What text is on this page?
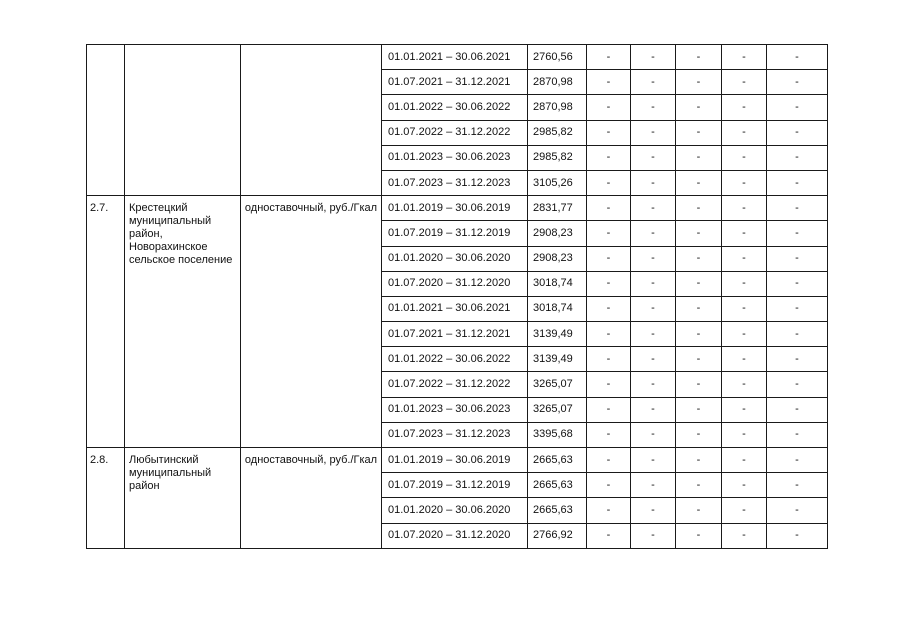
			01.01.2021 – 30.06.2021	2760,56	-	-	-	-	-
			01.07.2021 – 31.12.2021	2870,98	-	-	-	-	-
			01.01.2022 – 30.06.2022	2870,98	-	-	-	-	-
			01.07.2022 – 31.12.2022	2985,82	-	-	-	-	-
			01.01.2023 – 30.06.2023	2985,82	-	-	-	-	-
			01.07.2023 – 31.12.2023	3105,26	-	-	-	-	-
2.7.	Крестецкий муниципальный район, Новорахинское сельское поселение	одноставочный, руб./Гкал	01.01.2019 – 30.06.2019	2831,77	-	-	-	-	-
			01.07.2019 – 31.12.2019	2908,23	-	-	-	-	-
			01.01.2020 – 30.06.2020	2908,23	-	-	-	-	-
			01.07.2020 – 31.12.2020	3018,74	-	-	-	-	-
			01.01.2021 – 30.06.2021	3018,74	-	-	-	-	-
			01.07.2021 – 31.12.2021	3139,49	-	-	-	-	-
			01.01.2022 – 30.06.2022	3139,49	-	-	-	-	-
			01.07.2022 – 31.12.2022	3265,07	-	-	-	-	-
			01.01.2023 – 30.06.2023	3265,07	-	-	-	-	-
			01.07.2023 – 31.12.2023	3395,68	-	-	-	-	-
2.8.	Любытинский муниципальный район	одноставочный, руб./Гкал	01.01.2019 – 30.06.2019	2665,63	-	-	-	-	-
			01.07.2019 – 31.12.2019	2665,63	-	-	-	-	-
			01.01.2020 – 30.06.2020	2665,63	-	-	-	-	-
			01.07.2020 – 31.12.2020	2766,92	-	-	-	-	-
